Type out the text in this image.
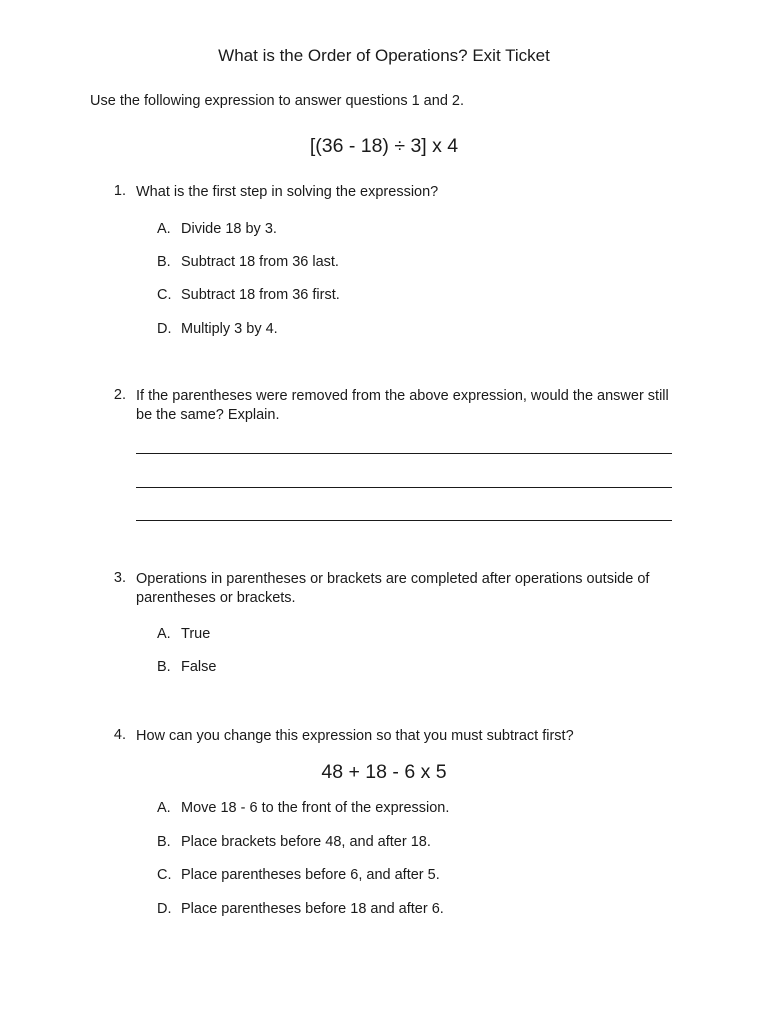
What is the Order of Operations? Exit Ticket
Use the following expression to answer questions 1 and 2.
[(36 - 18) ÷ 3] x 4
1. What is the first step in solving the expression?
A. Divide 18 by 3.
B. Subtract 18 from 36 last.
C. Subtract 18 from 36 first.
D. Multiply 3 by 4.
2. If the parentheses were removed from the above expression, would the answer still be the same? Explain.
3. Operations in parentheses or brackets are completed after operations outside of parentheses or brackets.
A. True
B. False
4. How can you change this expression so that you must subtract first?
48 + 18 - 6 x 5
A. Move 18 - 6 to the front of the expression.
B. Place brackets before 48, and after 18.
C. Place parentheses before 6, and after 5.
D. Place parentheses before 18 and after 6.
